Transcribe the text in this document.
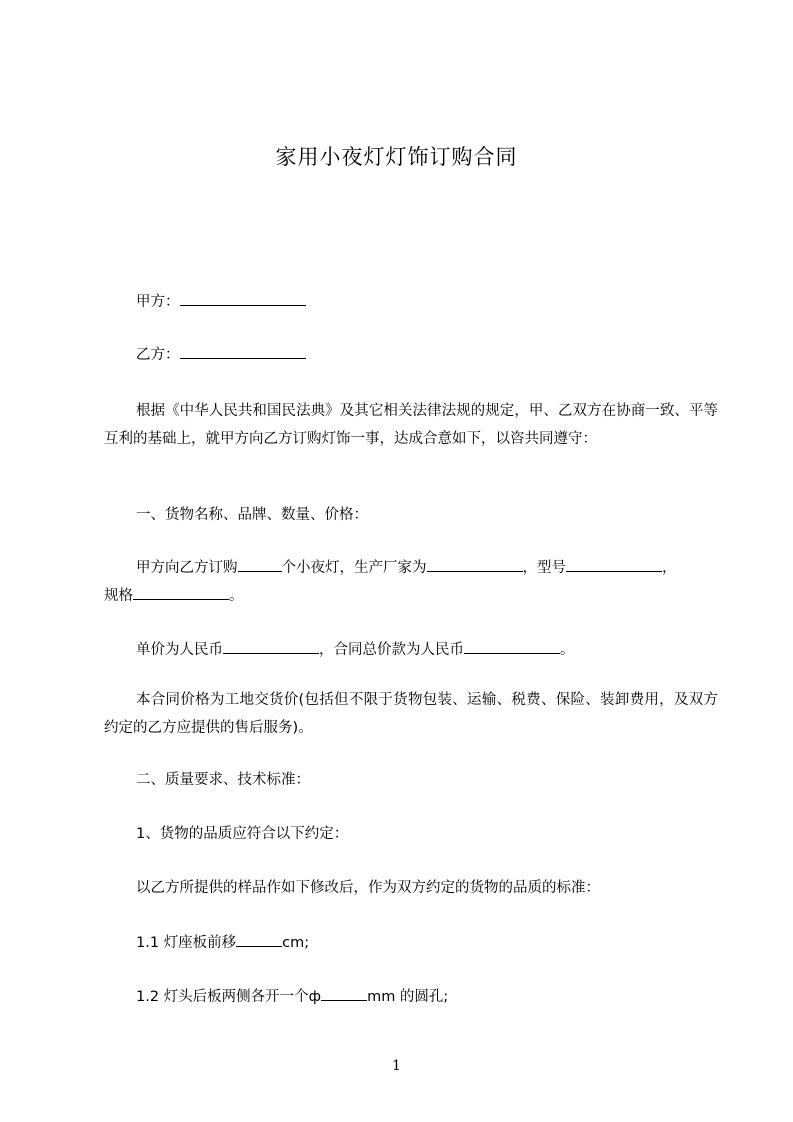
家用小夜灯灯饰订购合同
甲方：
乙方：
根据《中华人民共和国民法典》及其它相关法律法规的规定，甲、乙双方在协商一致、平等互利的基础上，就甲方向乙方订购灯饰一事，达成合意如下，以咨共同遵守：
一、货物名称、品牌、数量、价格：
甲方向乙方订购	个小夜灯，生产厂家为	，型号	，
规格	。
单价为人民币	，合同总价款为人民币	。
本合同价格为工地交货价(包括但不限于货物包装、运输、税费、保险、装卸费用，及双方约定的乙方应提供的售后服务)。
二、质量要求、技术标准：
1、货物的品质应符合以下约定：
以乙方所提供的样品作如下修改后，作为双方约定的货物的品质的标准：
1.1 灯座板前移	cm;
1.2 灯头后板两侧各开一个ф	mm 的圆孔;
1
